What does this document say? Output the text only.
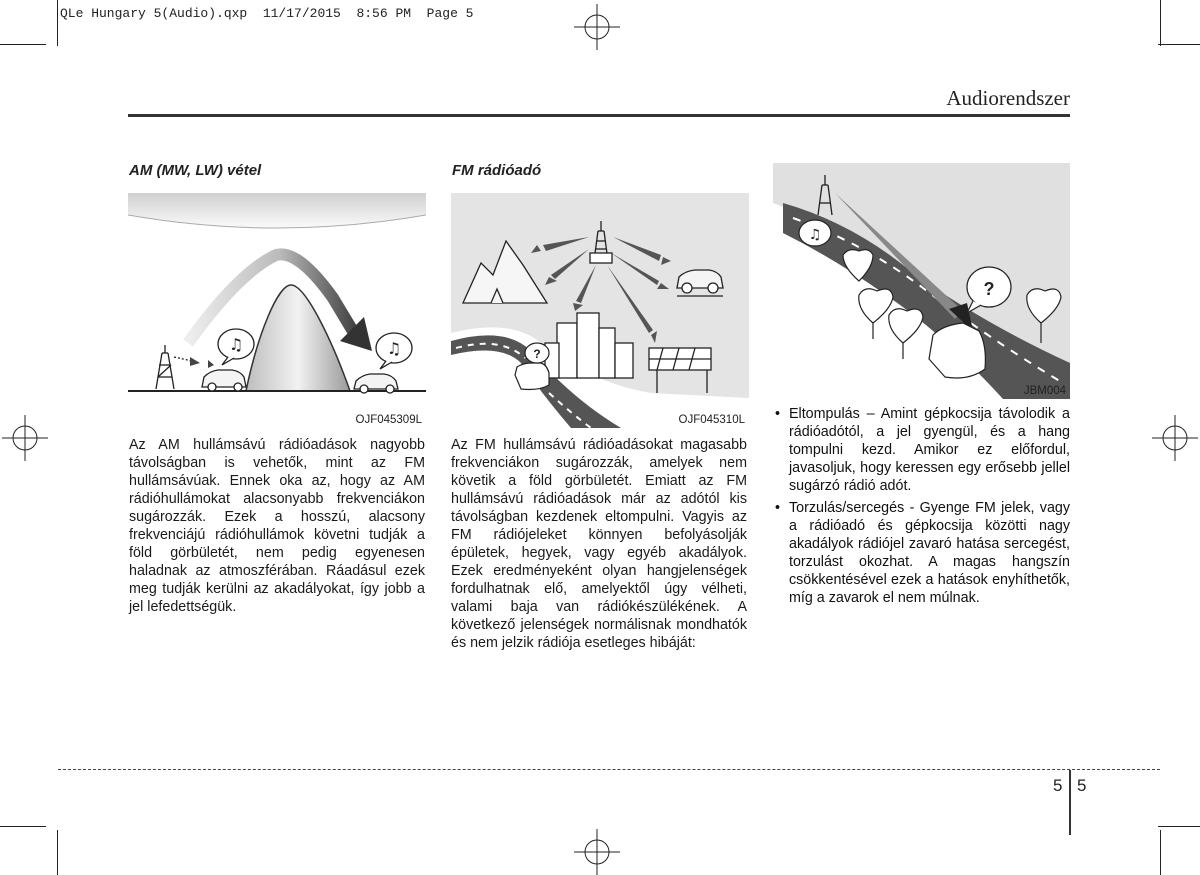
QLe Hungary 5(Audio).qxp  11/17/2015  8:56 PM  Page 5
Audiorendszer
AM (MW, LW) vétel
♫	♫
OJF045309L
Az AM hullámsávú rádióadások nagyobb távolságban is vehetők, mint az FM hullámsávúak. Ennek oka az, hogy az AM rádióhullámokat alacsonyabb frekvenciákon sugározzák. Ezek a hosszú, alacsony frekvenciájú rádióhullámok követni tudják a föld görbületét, nem pedig egyenesen haladnak az atmoszférában. Ráadásul ezek meg tudják kerülni az akadályokat, így jobb a jel lefedettségük.
FM rádióadó
?
OJF045310L
Az FM hullámsávú rádióadásokat magasabb frekvenciákon sugározzák, amelyek nem követik a föld görbületét. Emiatt az FM hullámsávú rádióadások már az adótól kis távolságban kezdenek eltompulni. Vagyis az FM rádiójeleket könnyen befolyásolják épületek, hegyek, vagy egyéb akadályok. Ezek eredményeként olyan hangjelenségek fordulhatnak elő, amelyektől úgy vélheti, valami baja van rádiókészülékének. A következő jelenségek normálisnak mondhatók és nem jelzik rádiója esetleges hibáját:
♫
?
JBM004
• Eltompulás – Amint gépkocsija távolodik a rádióadótól, a jel gyengül, és a hang tompulni kezd. Amikor ez előfordul, javasoljuk, hogy keressen egy erősebb jellel sugárzó rádió adót.
• Torzulás/sercegés - Gyenge FM jelek, vagy a rádióadó és gépkocsija közötti nagy akadályok rádiójel zavaró hatása sercegést, torzulást okozhat. A magas hangszín csökkentésével ezek a hatások enyhíthetők, míg a zavarok el nem múlnak.
5 5
